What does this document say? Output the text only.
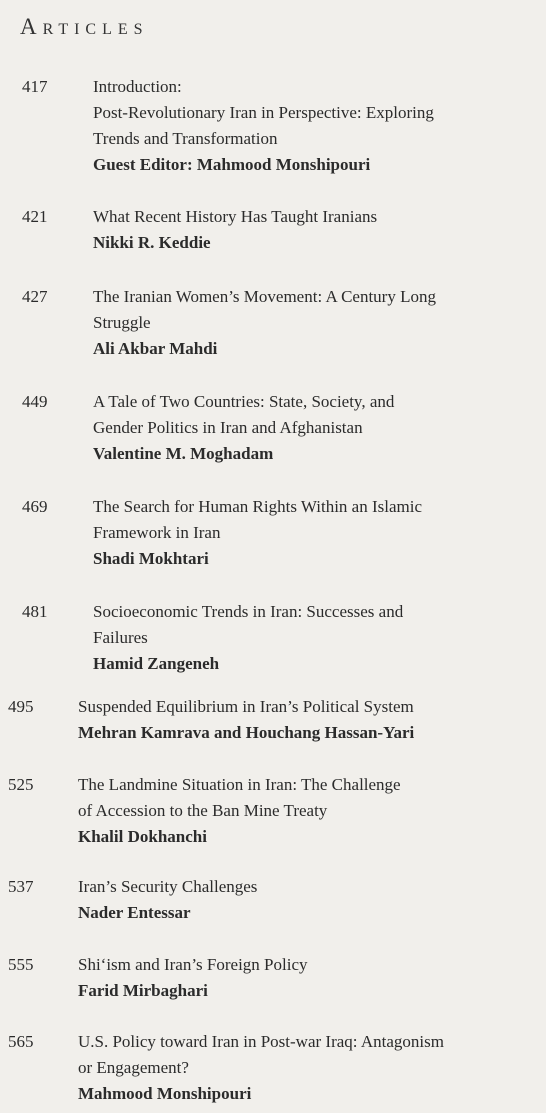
Articles
417	Introduction:
Post-Revolutionary Iran in Perspective: Exploring
Trends and Transformation
Guest Editor: Mahmood Monshipouri
421	What Recent History Has Taught Iranians
Nikki R. Keddie
427	The Iranian Women’s Movement: A Century Long
Struggle
Ali Akbar Mahdi
449	A Tale of Two Countries: State, Society, and
Gender Politics in Iran and Afghanistan
Valentine M. Moghadam
469	The Search for Human Rights Within an Islamic
Framework in Iran
Shadi Mokhtari
481	Socioeconomic Trends in Iran: Successes and
Failures
Hamid Zangeneh
495	Suspended Equilibrium in Iran’s Political System
Mehran Kamrava and Houchang Hassan-Yari
525	The Landmine Situation in Iran: The Challenge
of Accession to the Ban Mine Treaty
Khalil Dokhanchi
537	Iran’s Security Challenges
Nader Entessar
555	Shi‘ism and Iran’s Foreign Policy
Farid Mirbaghari
565	U.S. Policy toward Iran in Post-war Iraq: Antagonism
or Engagement?
Mahmood Monshipouri
